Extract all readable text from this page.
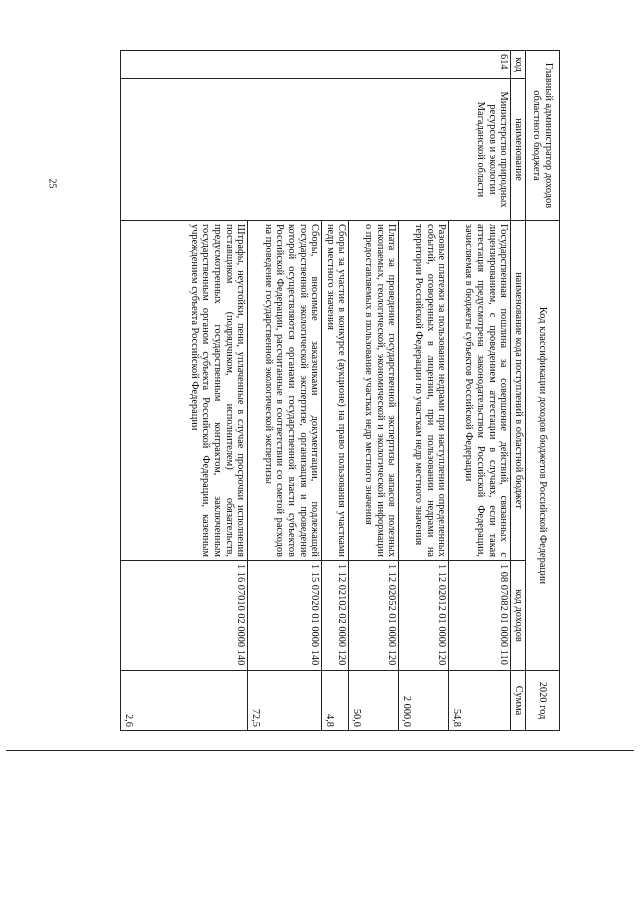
25	Главный администратор доходов областного бюджета		Код классификации доходов бюджетов Российской Федерации		2020 год
код	наименование	наименование кода поступлений в областной бюджет	код доходов	Сумма
614	Министерство природных ресурсов и экологии Магаданской области	Государственная пошлина за совершение действий, связанных с лицензированием, с проведением аттестации в случаях, если такая аттестация предусмотрена законодательством Российской Федерации, зачисляемая в бюджеты субъектов Российской Федерации	1 08 07082 01 0000 110	54,8
		Разовые платежи за пользование недрами при наступлении определенных событий, оговоренных в лицензии, при пользовании недрами на территории Российской Федерации по участкам недр местного значения	1 12 02012 01 0000 120	2 000,0
		Плата за проведение государственной экспертизы запасов полезных ископаемых, геологической, экономической и экологической информации о предоставляемых в пользование участках недр местного значения	1 12 02052 01 0000 120	50,0
		Сборы за участие в конкурсе (аукционе) на право пользования участками недр местного значения	1 12 02102 02 0000 120	4,8
		Сборы, вносимые заказчиками документации, подлежащей государственной экологической экспертизе, организация и проведение которой осуществляются органами государственной власти субъектов Российской Федерации, рассчитанные в соответствии со сметой расходов на проведение государственной экологической экспертизы	1 15 07020 01 0000 140	72,5
		Штрафы, неустойки, пени, уплаченные в случае просрочки исполнения поставщиком (подрядчиком, исполнителем) обязательств, предусмотренных государственным контрактом, заключенным государственным органом субъекта Российской Федерации, казенным учреждением субъекта Российской Федерации	1 16 07010 02 0000 140	2,6
